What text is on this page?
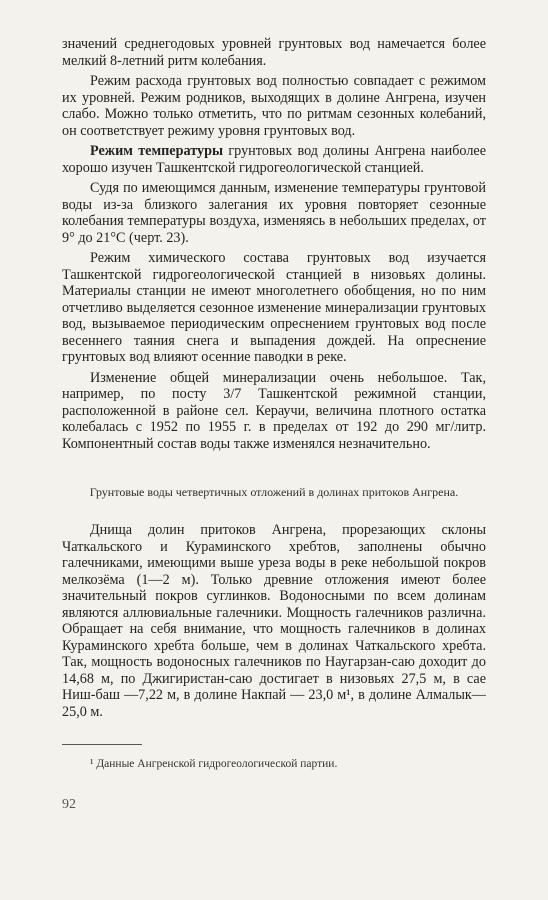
значений среднегодовых уровней грунтовых вод намечается более мелкий 8-летний ритм колебания.

Режим расхода грунтовых вод полностью совпадает с режимом их уровней. Режим родников, выходящих в долине Ангрена, изучен слабо. Можно только отметить, что по ритмам сезонных колебаний, он соответствует режиму уровня грунтовых вод.

Режим температуры грунтовых вод долины Ангрена наиболее хорошо изучен Ташкентской гидрогеологической станцией.

Судя по имеющимся данным, изменение температуры грунтовой воды из-за близкого залегания их уровня повторяет сезонные колебания температуры воздуха, изменяясь в небольших пределах, от 9° до 21°C (черт. 23).

Режим химического состава грунтовых вод изучается Ташкентской гидрогеологической станцией в низовьях долины. Материалы станции не имеют многолетнего обобщения, но по ним отчетливо выделяется сезонное изменение минерализации грунтовых вод, вызываемое периодическим опреснением грунтовых вод после весеннего таяния снега и выпадения дождей. На опреснение грунтовых вод влияют осенние паводки в реке.

Изменение общей минерализации очень небольшое. Так, например, по посту 3/7 Ташкентской режимной станции, расположенной в районе сел. Кераучи, величина плотного остатка колебалась с 1952 по 1955 г. в пределах от 192 до 290 мг/литр. Компонентный состав воды также изменялся незначительно.

Грунтовые воды четвертичных отложений в долинах притоков Ангрена.

Днища долин притоков Ангрена, прорезающих склоны Чаткальского и Кураминского хребтов, заполнены обычно галечниками, имеющими выше уреза воды в реке небольшой покров мелкозёма (1—2 м). Только древние отложения имеют более значительный покров суглинков. Водоносными по всем долинам являются аллювиальные галечники. Мощность галечников различна. Обращает на себя внимание, что мощность галечников в долинах Кураминского хребта больше, чем в долинах Чаткальского хребта. Так, мощность водоносных галечников по Наугарзан-саю доходит до 14,68 м, по Джигиристан-саю достигает в низовьях 27,5 м, в сае Ниш-баш —7,22 м, в долине Накпай — 23,0 м¹, в долине Алмалык—25,0 м.

¹ Данные Ангренской гидрогеологической партии.
92
